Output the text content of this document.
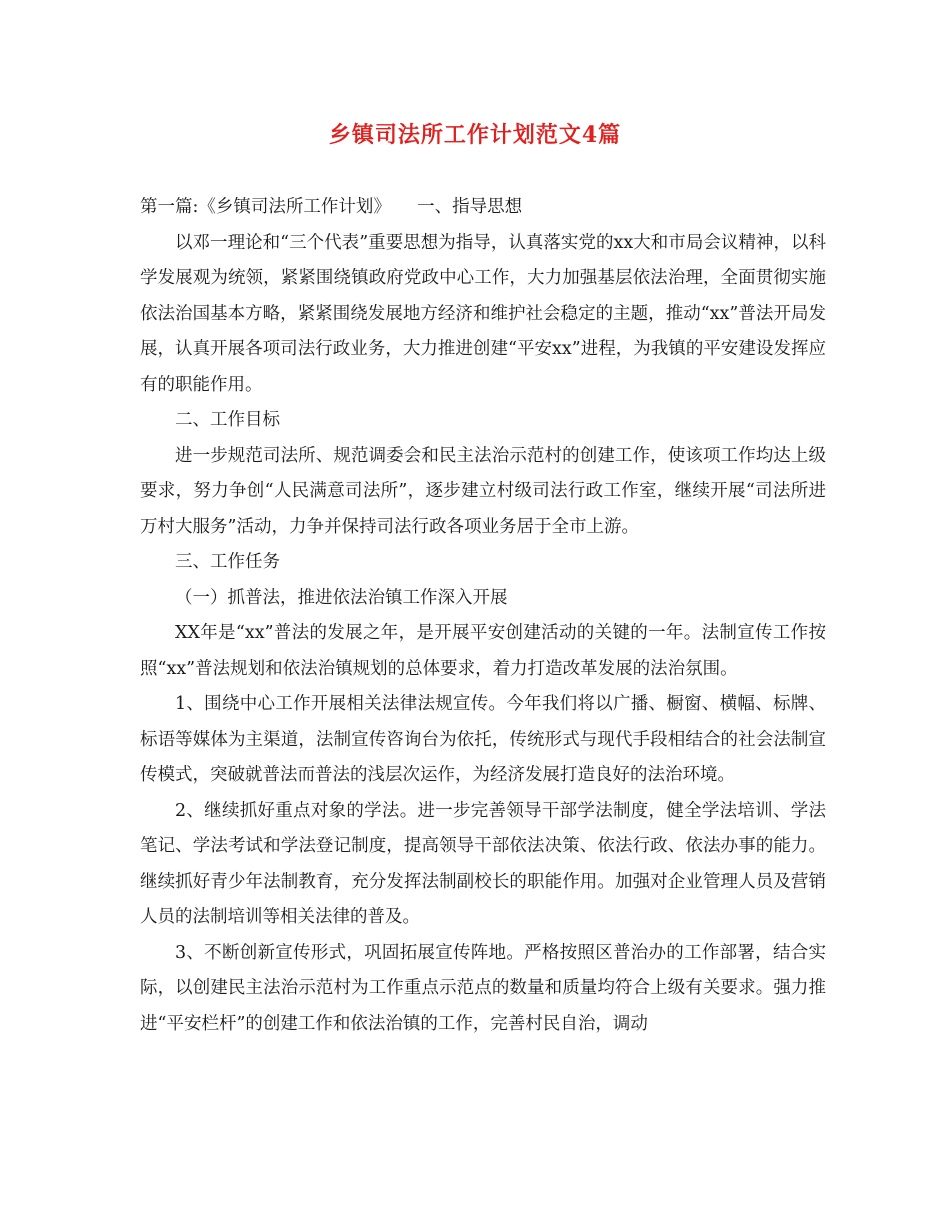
乡镇司法所工作计划范文4篇

第一篇:《乡镇司法所工作计划》　　一、指导思想

以邓一理论和“三个代表”重要思想为指导，认真落实党的xx大和市局会议精神，以科学发展观为统领，紧紧围绕镇政府党政中心工作，大力加强基层依法治理，全面贯彻实施依法治国基本方略，紧紧围绕发展地方经济和维护社会稳定的主题，推动“xx”普法开局发展，认真开展各项司法行政业务，大力推进创建“平安xx”进程，为我镇的平安建设发挥应有的职能作用。

二、工作目标

进一步规范司法所、规范调委会和民主法治示范村的创建工作，使该项工作均达上级要求，努力争创“人民满意司法所”，逐步建立村级司法行政工作室，继续开展“司法所进万村大服务”活动，力争并保持司法行政各项业务居于全市上游。

三、工作任务

（一）抓普法，推进依法治镇工作深入开展

XX年是“xx”普法的发展之年，是开展平安创建活动的关键的一年。法制宣传工作按照“xx”普法规划和依法治镇规划的总体要求，着力打造改革发展的法治氛围。

1、围绕中心工作开展相关法律法规宣传。今年我们将以广播、橱窗、横幅、标牌、标语等媒体为主渠道，法制宣传咨询台为依托，传统形式与现代手段相结合的社会法制宣传模式，突破就普法而普法的浅层次运作，为经济发展打造良好的法治环境。

2、继续抓好重点对象的学法。进一步完善领导干部学法制度，健全学法培训、学法笔记、学法考试和学法登记制度，提高领导干部依法决策、依法行政、依法办事的能力。继续抓好青少年法制教育，充分发挥法制副校长的职能作用。加强对企业管理人员及营销人员的法制培训等相关法律的普及。

3、不断创新宣传形式，巩固拓展宣传阵地。严格按照区普治办的工作部署，结合实际，以创建民主法治示范村为工作重点示范点的数量和质量均符合上级有关要求。强力推进“平安栏杆”的创建工作和依法治镇的工作，完善村民自治，调动
